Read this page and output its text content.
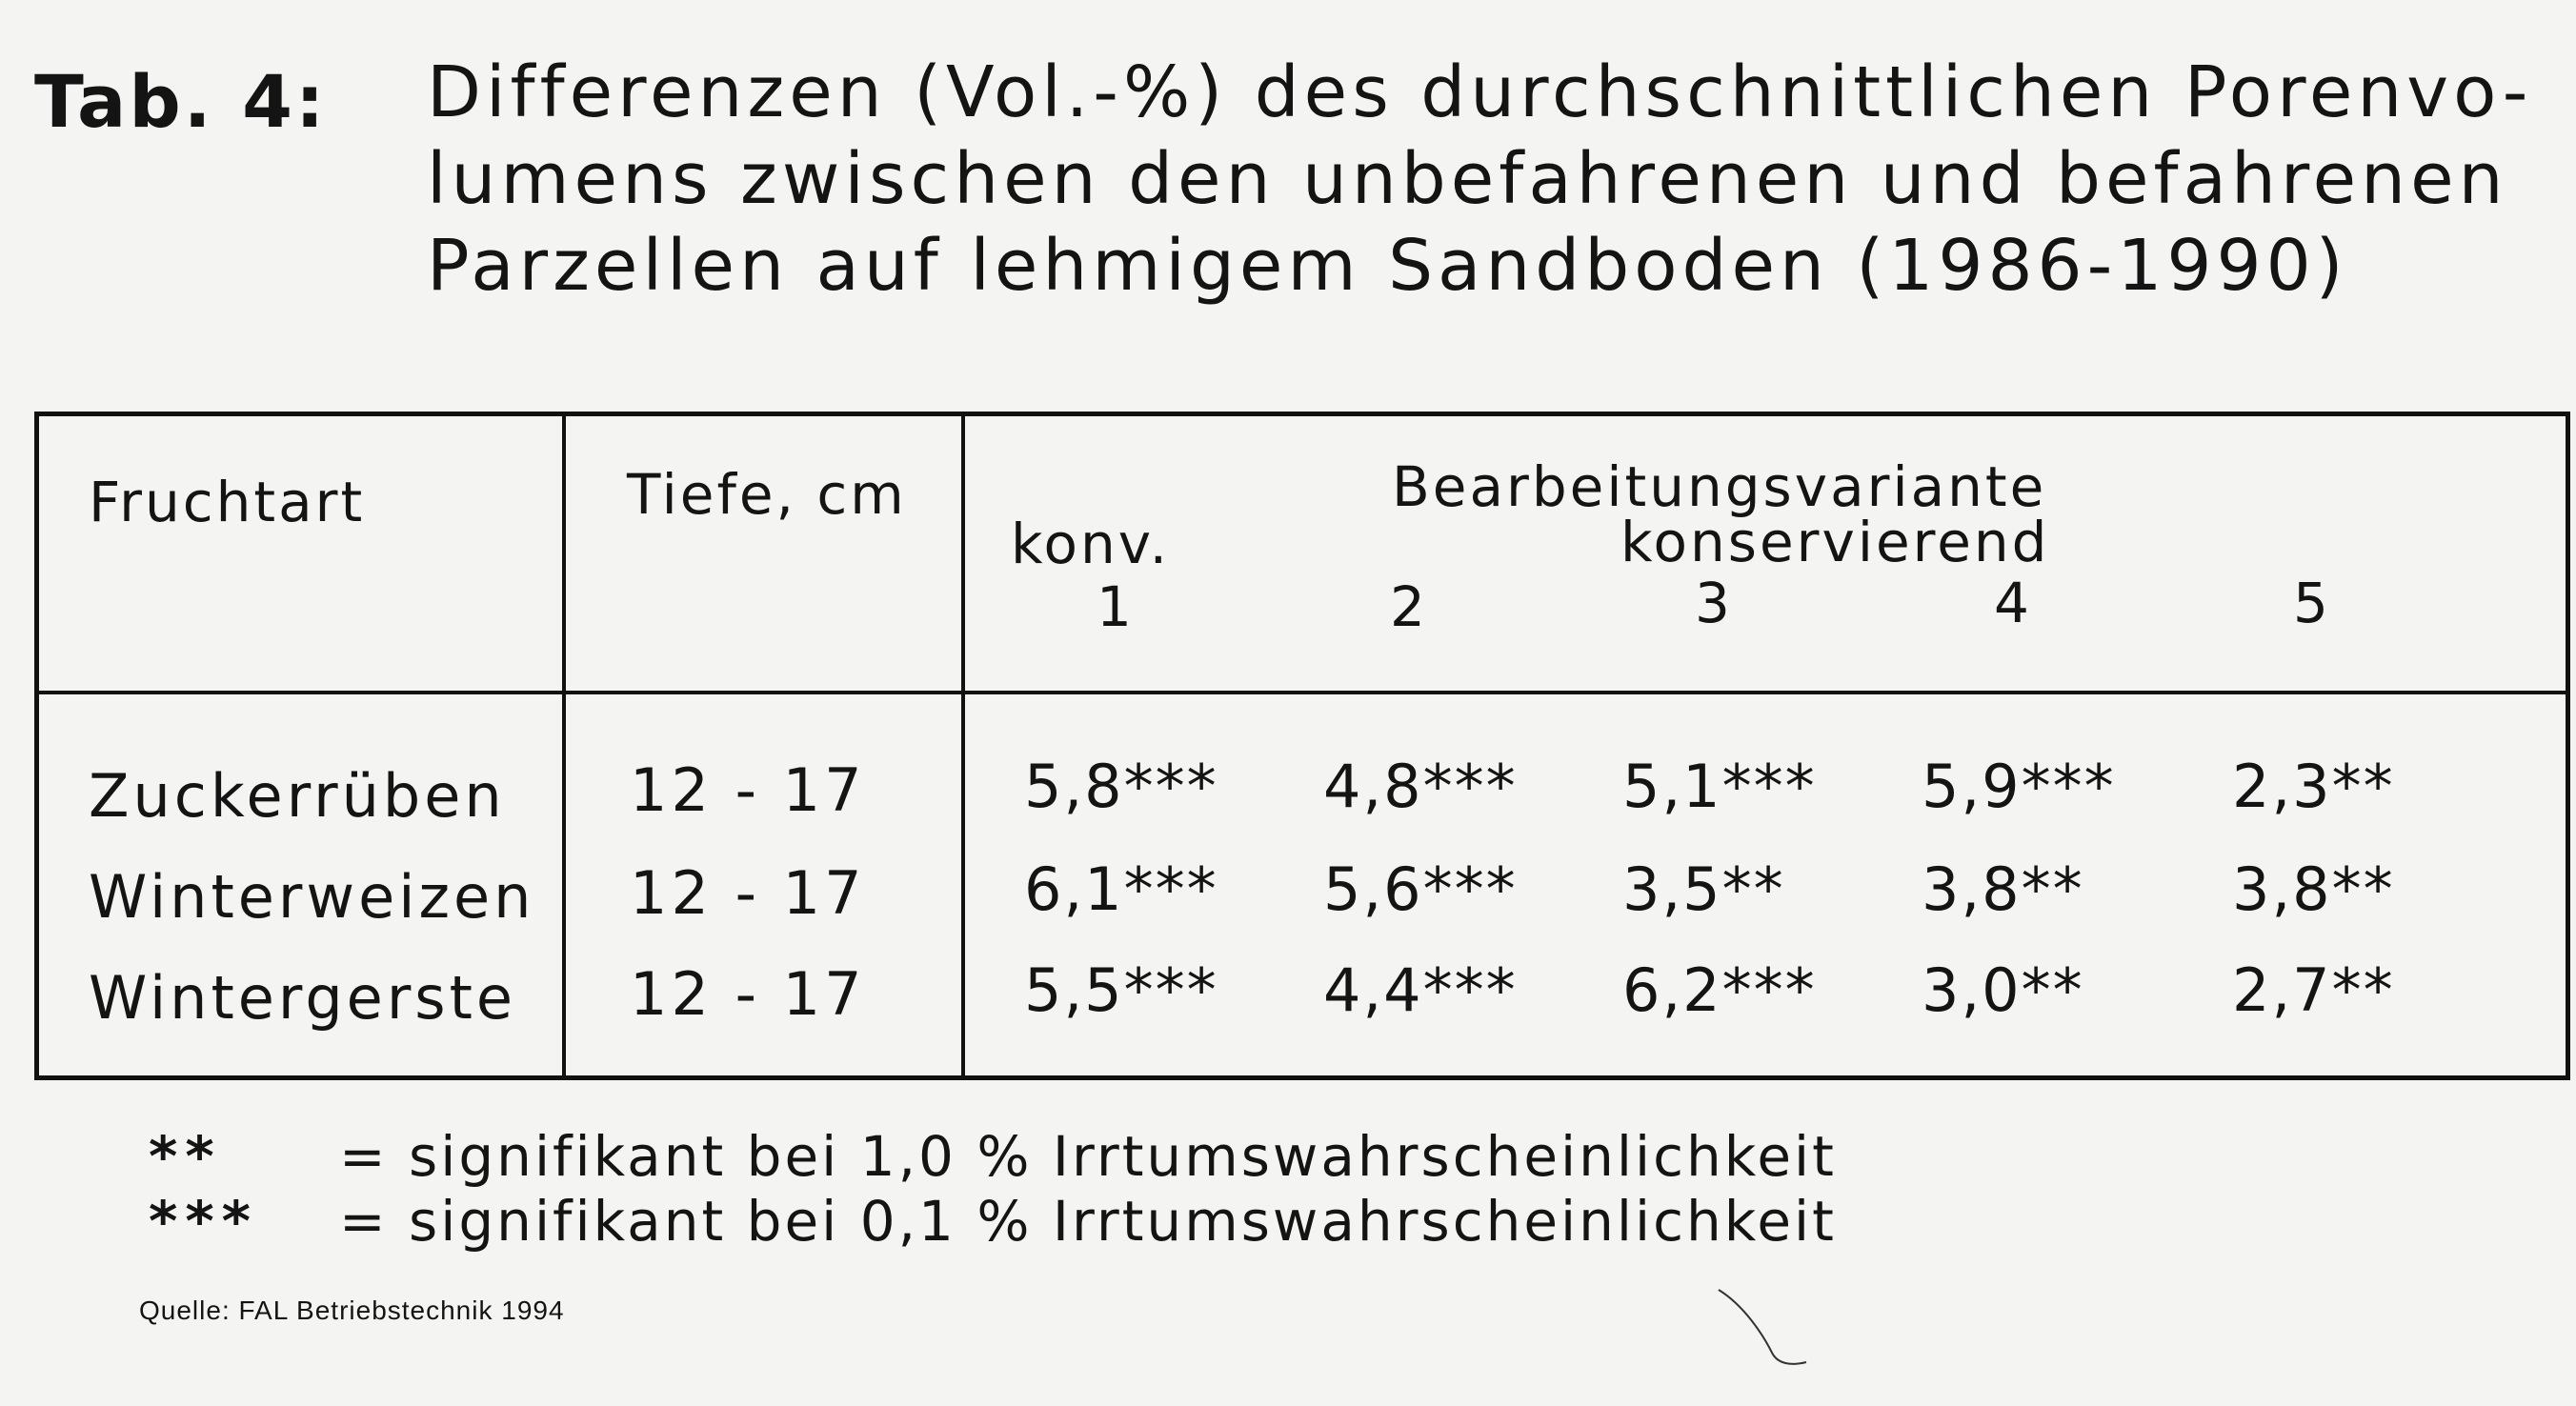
Tab. 4: Differenzen (Vol.-%) des durchschnittlichen Porenvo-
lumens zwischen den unbefahrenen und befahrenen
Parzellen auf lehmigem Sandboden (1986-1990)
Fruchtart	Tiefe, cm	Bearbeitungsvariante
konv.	konservierend
1	2	3	4	5
Zuckerrüben 12 - 17	5,8*** 4,8*** 5,1*** 5,9*** 2,3**
Winterweizen 12 - 17	6,1*** 5,6*** 3,5** 3,8**	3,8**
Wintergerste 12 - 17	5,5*** 4,4*** 6,2*** 3,0**	2,7**
** = signifikant bei 1,0 % Irrtumswahrscheinlichkeit
*** = signifikant bei 0,1 % Irrtumswahrscheinlichkeit
Quelle: FAL Betriebstechnik 1994
